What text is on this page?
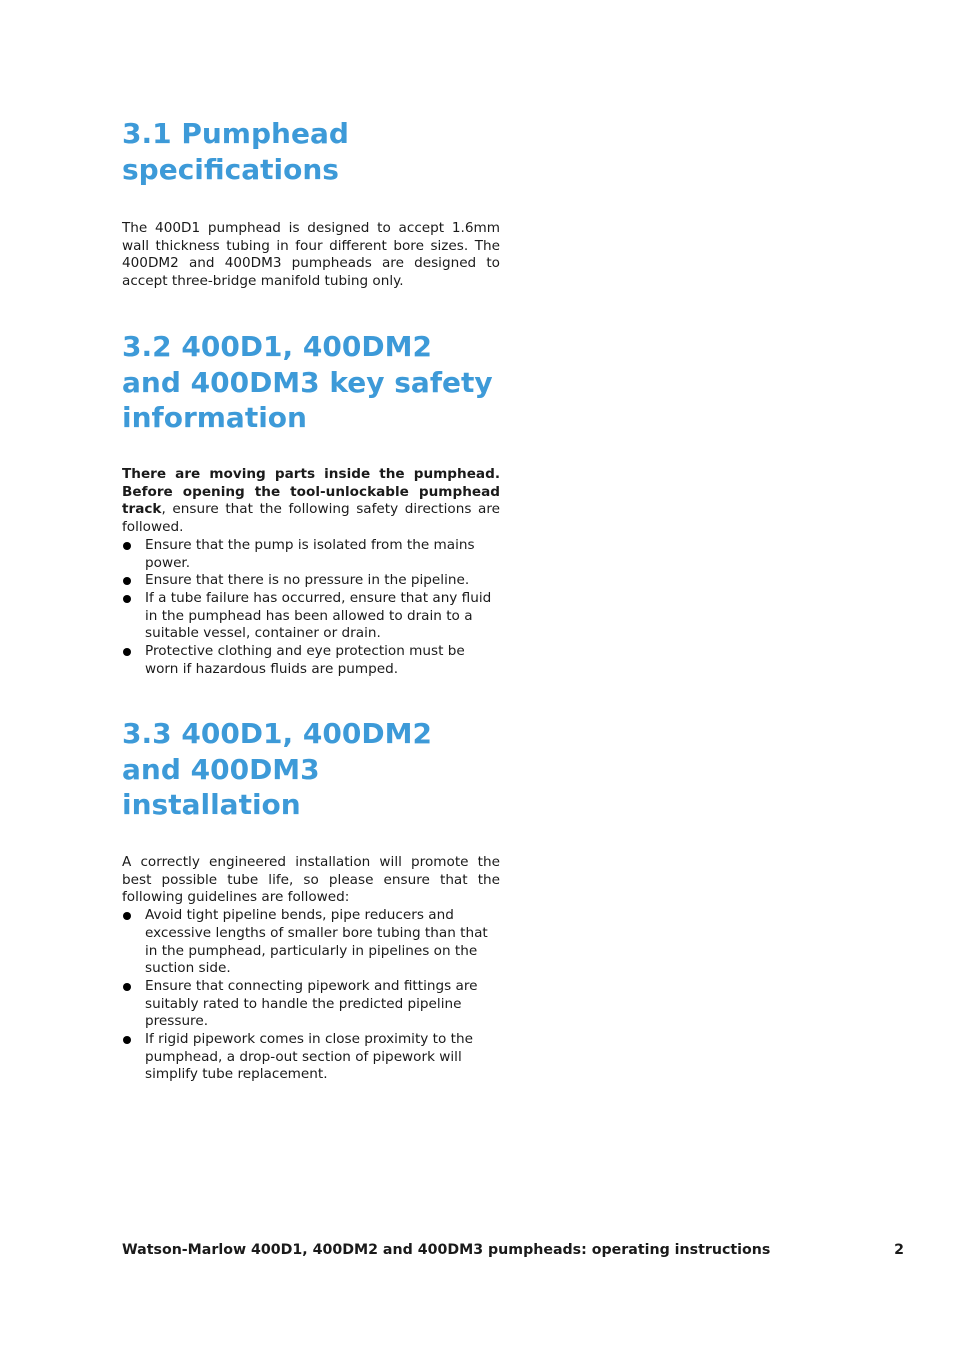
3.1 Pumphead specifications

The 400D1 pumphead is designed to accept 1.6mm wall thickness tubing in four different bore sizes. The 400DM2 and 400DM3 pumpheads are designed to accept three-bridge manifold tubing only.

3.2 400D1, 400DM2 and 400DM3 key safety information

There are moving parts inside the pumphead. Before opening the tool-unlockable pumphead track, ensure that the following safety directions are followed.

Ensure that the pump is isolated from the mains power.
Ensure that there is no pressure in the pipeline.
If a tube failure has occurred, ensure that any fluid in the pumphead has been allowed to drain to a suitable vessel, container or drain.
Protective clothing and eye protection must be worn if hazardous fluids are pumped.
3.3 400D1, 400DM2 and 400DM3 installation

A correctly engineered installation will promote the best possible tube life, so please ensure that the following guidelines are followed:

Avoid tight pipeline bends, pipe reducers and excessive lengths of smaller bore tubing than that in the pumphead, particularly in pipelines on the suction side.
Ensure that connecting pipework and fittings are suitably rated to handle the predicted pipeline pressure.
If rigid pipework comes in close proximity to the pumphead, a drop-out section of pipework will simplify tube replacement.
Watson-Marlow 400D1, 400DM2 and 400DM3 pumpheads: operating instructions	2
